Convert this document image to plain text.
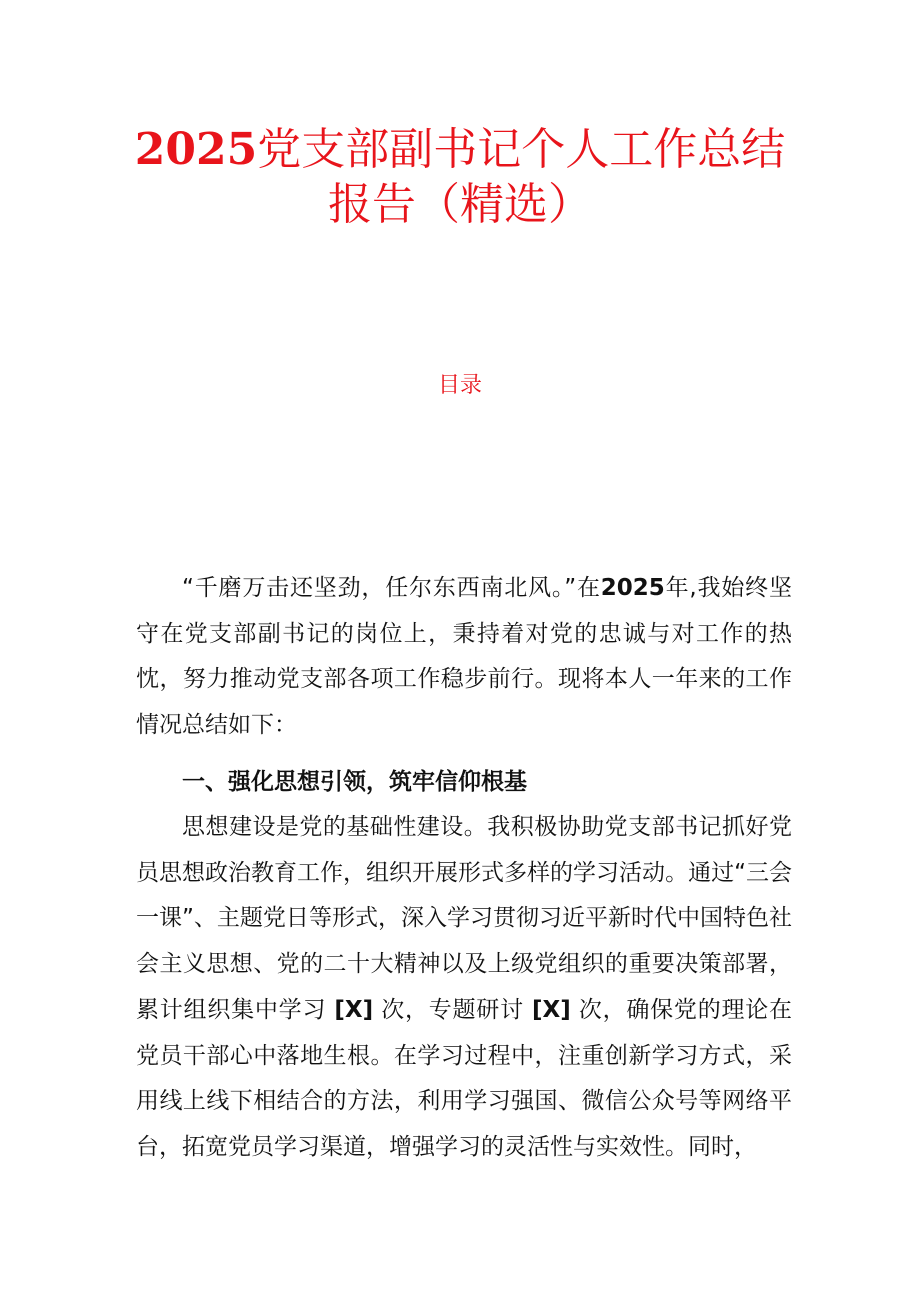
2025党支部副书记个人工作总结
报告（精选）
目录

“千磨万击还坚劲，任尔东西南北风。”在2025年,我始终坚守在党支部副书记的岗位上，秉持着对党的忠诚与对工作的热忱，努力推动党支部各项工作稳步前行。现将本人一年来的工作情况总结如下：

一、强化思想引领，筑牢信仰根基

思想建设是党的基础性建设。我积极协助党支部书记抓好党员思想政治教育工作，组织开展形式多样的学习活动。通过“三会一课”、主题党日等形式，深入学习贯彻习近平新时代中国特色社会主义思想、党的二十大精神以及上级党组织的重要决策部署，累计组织集中学习 [X] 次，专题研讨 [X] 次，确保党的理论在党员干部心中落地生根。在学习过程中，注重创新学习方式，采用线上线下相结合的方法，利用学习强国、微信公众号等网络平台，拓宽党员学习渠道，增强学习的灵活性与实效性。同时，
